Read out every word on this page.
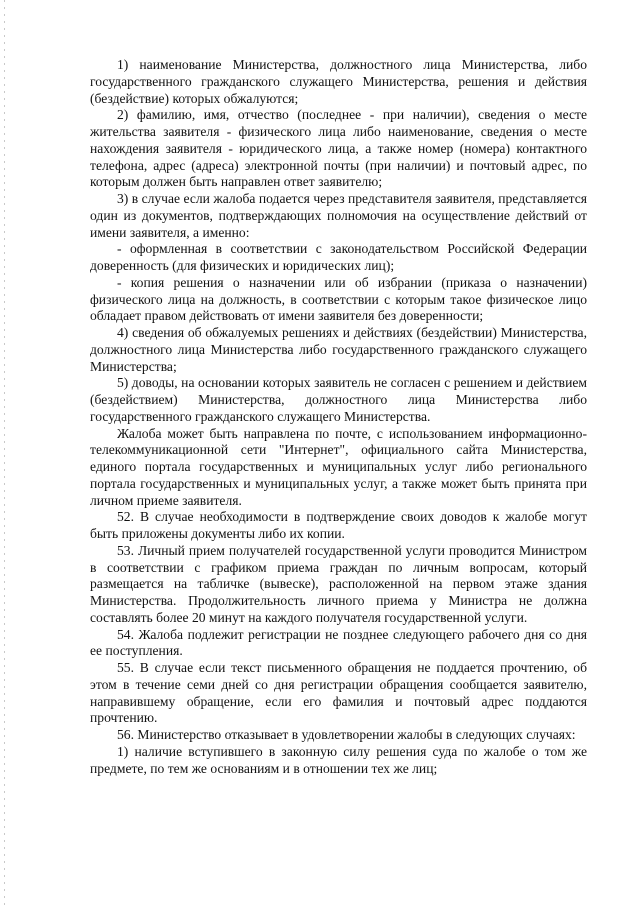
1) наименование Министерства, должностного лица Министерства, либо государственного гражданского служащего Министерства, решения и действия (бездействие) которых обжалуются;

2) фамилию, имя, отчество (последнее - при наличии), сведения о месте жительства заявителя - физического лица либо наименование, сведения о месте нахождения заявителя - юридического лица, а также номер (номера) контактного телефона, адрес (адреса) электронной почты (при наличии) и почтовый адрес, по которым должен быть направлен ответ заявителю;

3) в случае если жалоба подается через представителя заявителя, представляется один из документов, подтверждающих полномочия на осуществление действий от имени заявителя, а именно:

- оформленная в соответствии с законодательством Российской Федерации доверенность (для физических и юридических лиц);

- копия решения о назначении или об избрании (приказа о назначении) физического лица на должность, в соответствии с которым такое физическое лицо обладает правом действовать от имени заявителя без доверенности;

4) сведения об обжалуемых решениях и действиях (бездействии) Министерства, должностного лица Министерства либо государственного гражданского служащего Министерства;

5) доводы, на основании которых заявитель не согласен с решением и действием (бездействием) Министерства, должностного лица Министерства либо государственного гражданского служащего Министерства.

Жалоба может быть направлена по почте, с использованием информационно-телекоммуникационной сети "Интернет", официального сайта Министерства, единого портала государственных и муниципальных услуг либо регионального портала государственных и муниципальных услуг, а также может быть принята при личном приеме заявителя.

52. В случае необходимости в подтверждение своих доводов к жалобе могут быть приложены документы либо их копии.

53. Личный прием получателей государственной услуги проводится Министром в соответствии с графиком приема граждан по личным вопросам, который размещается на табличке (вывеске), расположенной на первом этаже здания Министерства. Продолжительность личного приема у Министра не должна составлять более 20 минут на каждого получателя государственной услуги.

54. Жалоба подлежит регистрации не позднее следующего рабочего дня со дня ее поступления.

55. В случае если текст письменного обращения не поддается прочтению, об этом в течение семи дней со дня регистрации обращения сообщается заявителю, направившему обращение, если его фамилия и почтовый адрес поддаются прочтению.

56. Министерство отказывает в удовлетворении жалобы в следующих случаях:

1) наличие вступившего в законную силу решения суда по жалобе о том же предмете, по тем же основаниям и в отношении тех же лиц;
